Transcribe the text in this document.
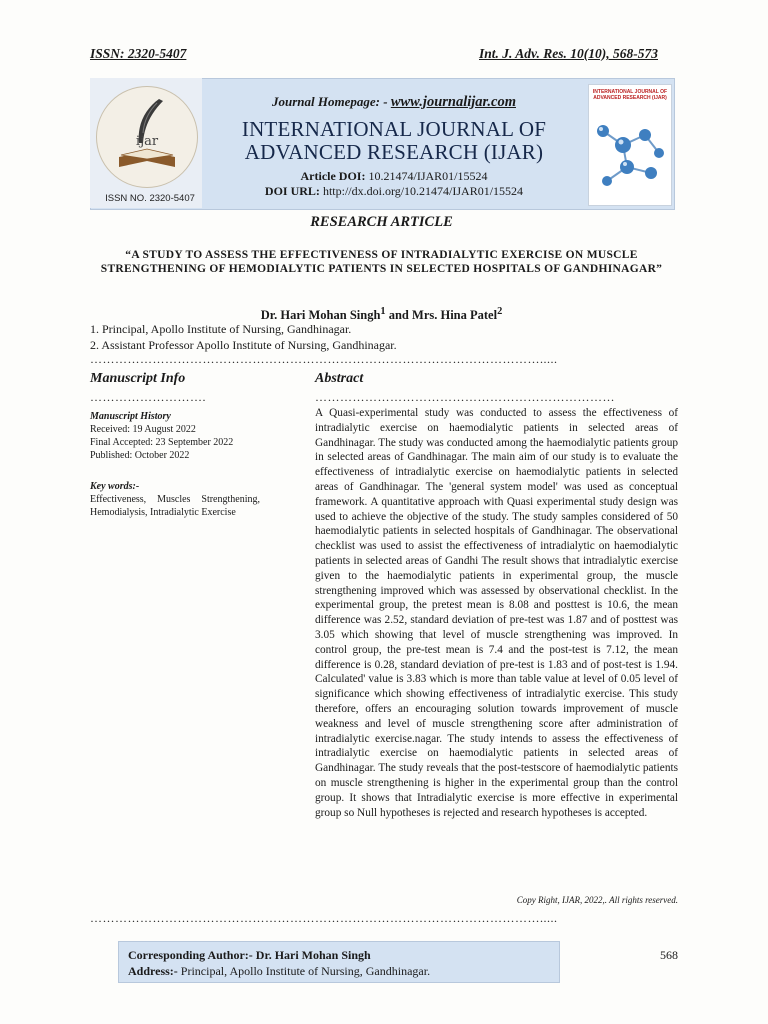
ISSN: 2320-5407	Int. J. Adv. Res. 10(10), 568-573
ijar
ISSN NO. 2320-5407
Journal Homepage: - www.journalijar.com
INTERNATIONAL JOURNAL OF
ADVANCED RESEARCH (IJAR)
Article DOI: 10.21474/IJAR01/15524
DOI URL: http://dx.doi.org/10.21474/IJAR01/15524
INTERNATIONAL JOURNAL OF ADVANCED RESEARCH (IJAR)
RESEARCH ARTICLE
“A STUDY TO ASSESS THE EFFECTIVENESS OF INTRADIALYTIC EXERCISE ON MUSCLE STRENGTHENING OF HEMODIALYTIC PATIENTS IN SELECTED HOSPITALS OF GANDHINAGAR”
Dr. Hari Mohan Singh$^1$ and Mrs. Hina Patel$^2$
1. Principal, Apollo Institute of Nursing, Gandhinagar.
2. Assistant Professor Apollo Institute of Nursing, Gandhinagar.
……………………………………………………………………………………………….....
Manuscript Info	Abstract
……………………….	………………………………………………………………
Manuscript History
Received: 19 August 2022
Final Accepted: 23 September 2022
Published: October 2022
Key words:-
Effectiveness, Muscles Strengthening, Hemodialysis, Intradialytic Exercise
A Quasi-experimental study was conducted to assess the effectiveness of intradialytic exercise on haemodialytic patients in selected areas of Gandhinagar. The study was conducted among the haemodialytic patients group in selected areas of Gandhinagar. The main aim of our study is to evaluate the effectiveness of intradialytic exercise on haemodialytic patients in selected areas of Gandhinagar. The 'general system model' was used as conceptual framework. A quantitative approach with Quasi experimental study design was used to achieve the objective of the study. The study samples considered of 50 haemodialytic patients in selected hospitals of Gandhinagar. The observational checklist was used to assist the effectiveness of intradialytic on haemodialytic patients in selected areas of Gandhi The result shows that intradialytic exercise given to the haemodialytic patients in experimental group, the muscle strengthening improved which was assessed by observational checklist. In the experimental group, the pretest mean is 8.08 and posttest is 10.6, the mean difference was 2.52, standard deviation of pre-test was 1.87 and of posttest was 3.05 which showing that level of muscle strengthening was improved. In control group, the pre-test mean is 7.4 and the post-test is 7.12, the mean difference is 0.28, standard deviation of pre-test is 1.83 and of post-test is 1.94. Calculated' value is 3.83 which is more than table value at level of 0.05 level of significance which showing effectiveness of intradialytic exercise. This study therefore, offers an encouraging solution towards improvement of muscle weakness and level of muscle strengthening score after administration of intradialytic exercise.nagar. The study intends to assess the effectiveness of intradialytic exercise on haemodialytic patients in selected areas of Gandhinagar. The study reveals that the post-testscore of haemodialytic patients on muscle strengthening is higher in the experimental group than the control group. It shows that Intradialytic exercise is more effective in experimental group so Null hypotheses is rejected and research hypotheses is accepted.
Copy Right, IJAR, 2022,. All rights reserved.
……………………………………………………………………………………………….....
Corresponding Author:- Dr. Hari Mohan Singh
Address:- Principal, Apollo Institute of Nursing, Gandhinagar.
568
